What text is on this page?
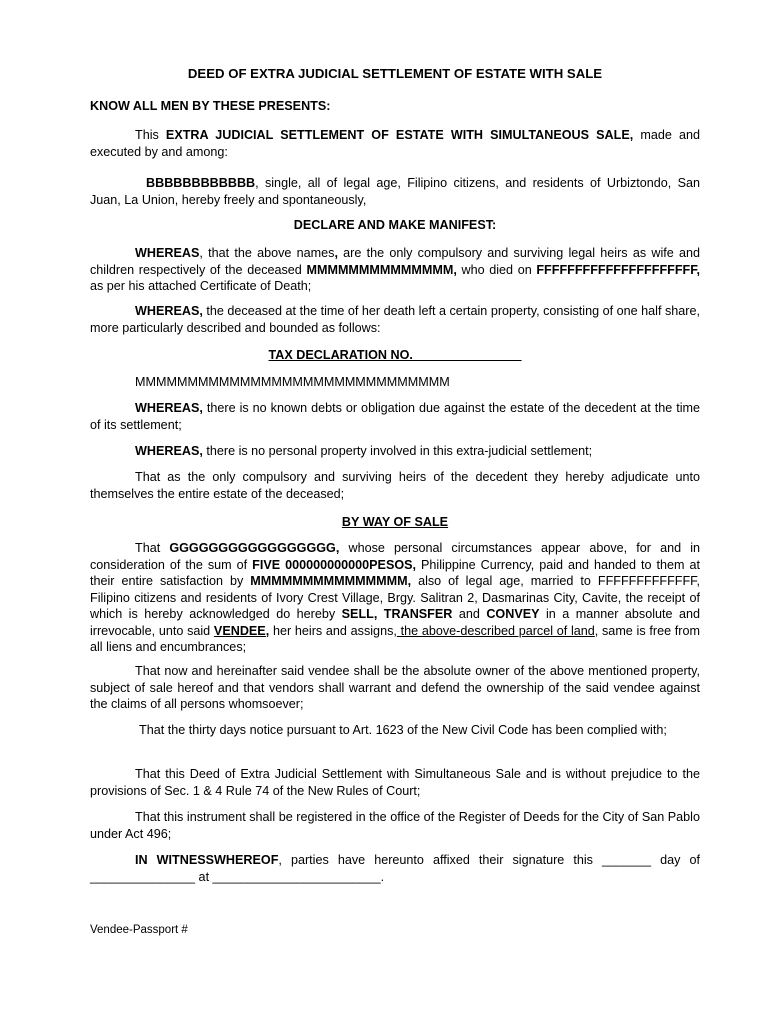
DEED OF EXTRA JUDICIAL SETTLEMENT OF ESTATE WITH SALE

KNOW ALL MEN BY THESE PRESENTS:

This EXTRA JUDICIAL SETTLEMENT OF ESTATE WITH SIMULTANEOUS SALE, made and executed by and among:

BBBBBBBBBBBB, single, all of legal age, Filipino citizens, and residents of Urbiztondo, San Juan, La Union, hereby freely and spontaneously,

DECLARE AND MAKE MANIFEST:

WHEREAS, that the above names, are the only compulsory and surviving legal heirs as wife and children respectively of the deceased MMMMMMMMMMMMMM, who died on FFFFFFFFFFFFFFFFFFFFF, as per his attached Certificate of Death;

WHEREAS, the deceased at the time of her death left a certain property, consisting of one half share, more particularly described and bounded as follows:

TAX DECLARATION NO. _______________

MMMMMMMMMMMMMMMMMMMMMMMMMMMMMM

WHEREAS, there is no known debts or obligation due against the estate of the decedent at the time of its settlement;

WHEREAS, there is no personal property involved in this extra-judicial settlement;

That as the only compulsory and surviving heirs of the decedent they hereby adjudicate unto themselves the entire estate of the deceased;

BY WAY OF SALE

That GGGGGGGGGGGGGGGGG, whose personal circumstances appear above, for and in consideration of the sum of FIVE 000000000000PESOS, Philippine Currency, paid and handed to them at their entire satisfaction by MMMMMMMMMMMMMMM, also of legal age, married to FFFFFFFFFFFFF, Filipino citizens and residents of Ivory Crest Village, Brgy. Salitran 2, Dasmarinas City, Cavite, the receipt of which is hereby acknowledged do hereby SELL, TRANSFER and CONVEY in a manner absolute and irrevocable, unto said VENDEE, her heirs and assigns, the above-described parcel of land, same is free from all liens and encumbrances;

That now and hereinafter said vendee shall be the absolute owner of the above mentioned property, subject of sale hereof and that vendors shall warrant and defend the ownership of the said vendee against the claims of all persons whomsoever;

That the thirty days notice pursuant to Art. 1623 of the New Civil Code has been complied with;

That this Deed of Extra Judicial Settlement with Simultaneous Sale and is without prejudice to the provisions of Sec. 1 & 4 Rule 74 of the New Rules of Court;

That this instrument shall be registered in the office of the Register of Deeds for the City of San Pablo under Act 496;

IN WITNESSWHEREOF, parties have hereunto affixed their signature this _______ day of _______________ at ________________________.

Vendee-Passport #
